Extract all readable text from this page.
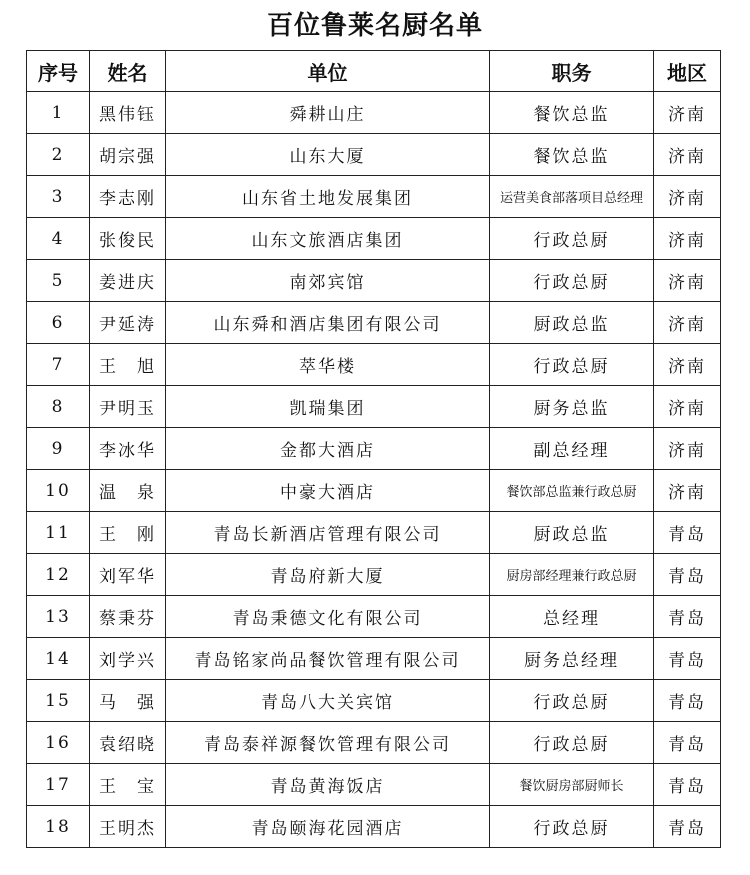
百位鲁莱名厨名单
序号	姓名	单位	职务	地区
1	黑伟钰	舜耕山庄	餐饮总监	济南
2	胡宗强	山东大厦	餐饮总监	济南
3	李志刚	山东省土地发展集团	运营美食部落项目总经理	济南
4	张俊民	山东文旅酒店集团	行政总厨	济南
5	姜进庆	南郊宾馆	行政总厨	济南
6	尹延涛	山东舜和酒店集团有限公司	厨政总监	济南
7	王　旭	萃华楼	行政总厨	济南
8	尹明玉	凯瑞集团	厨务总监	济南
9	李冰华	金都大酒店	副总经理	济南
10	温　泉	中豪大酒店	餐饮部总监兼行政总厨	济南
11	王　刚	青岛长新酒店管理有限公司	厨政总监	青岛
12	刘军华	青岛府新大厦	厨房部经理兼行政总厨	青岛
13	蔡秉芬	青岛秉德文化有限公司	总经理	青岛
14	刘学兴	青岛铭家尚品餐饮管理有限公司	厨务总经理	青岛
15	马　强	青岛八大关宾馆	行政总厨	青岛
16	袁绍晓	青岛泰祥源餐饮管理有限公司	行政总厨	青岛
17	王　宝	青岛黄海饭店	餐饮厨房部厨师长	青岛
18	王明杰	青岛颐海花园酒店	行政总厨	青岛
